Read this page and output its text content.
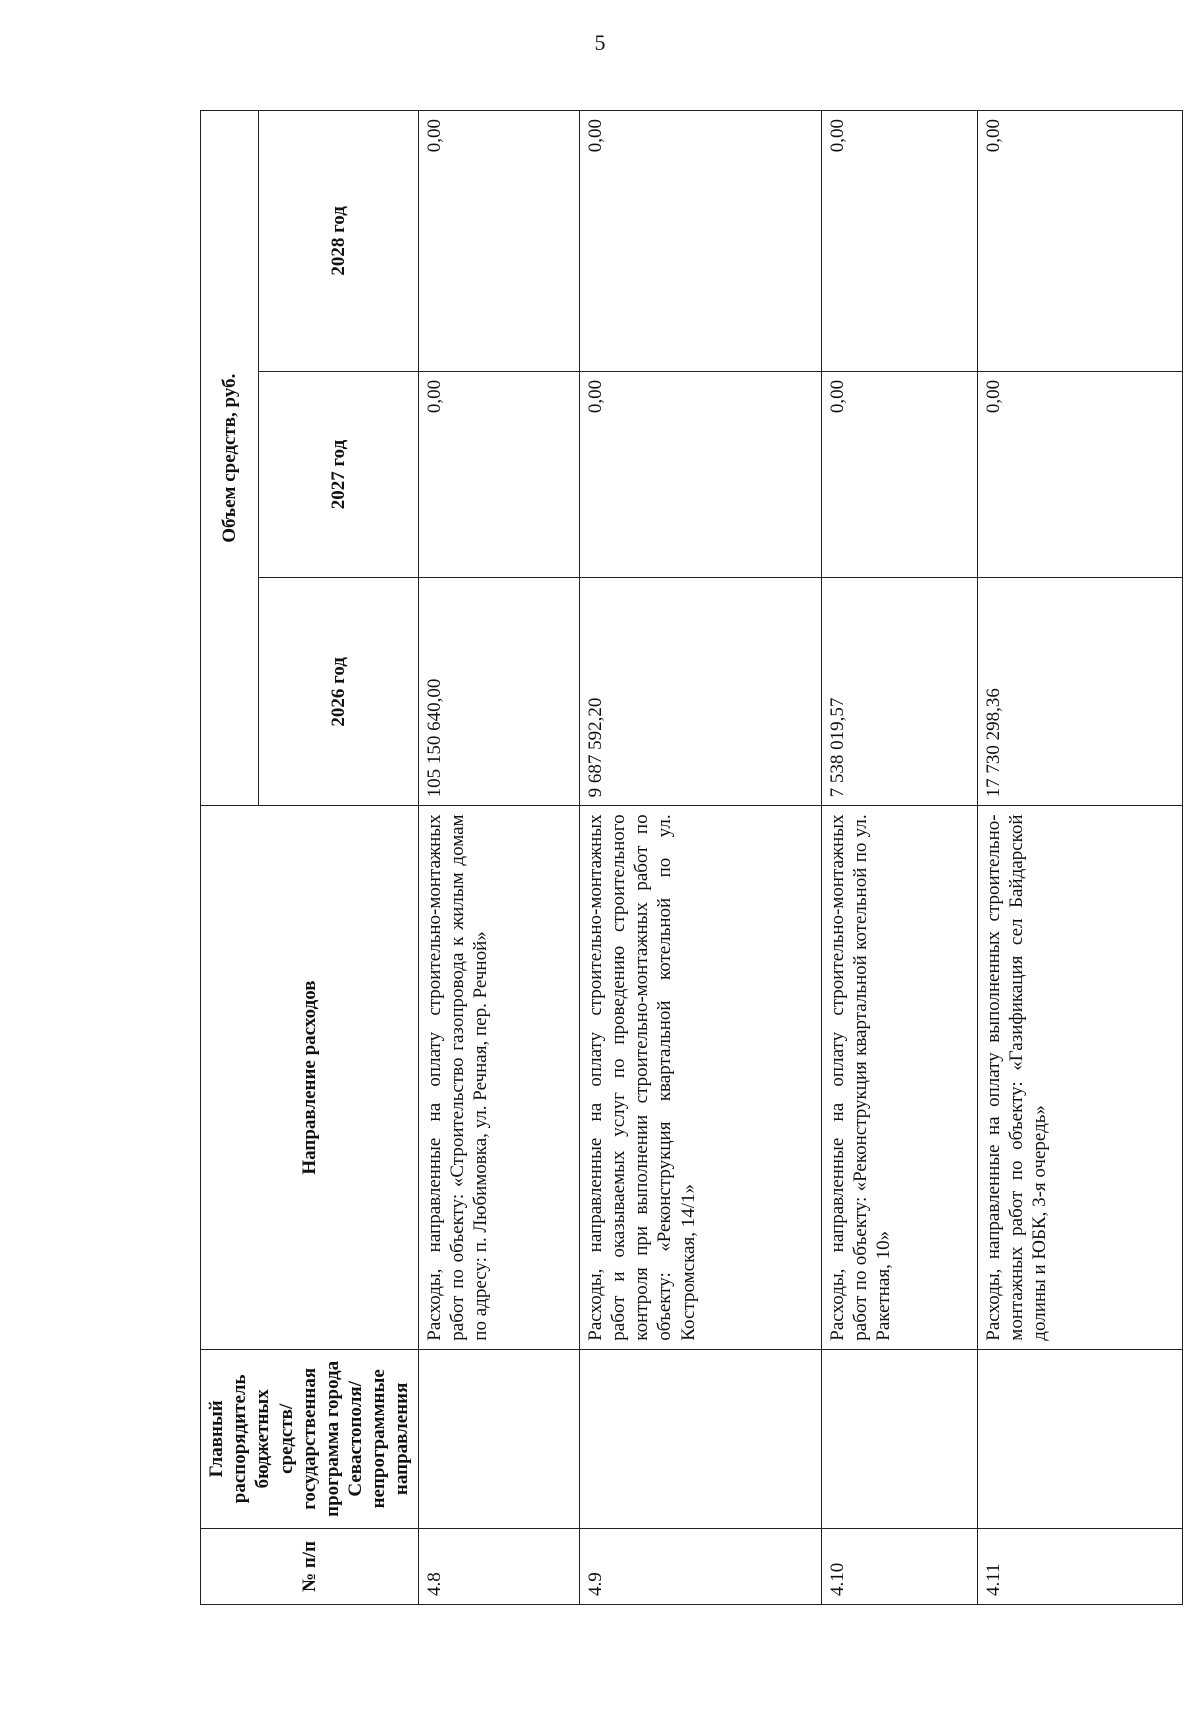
5
№ п/п	Главный распорядитель бюджетных средств/государственная программа города Севастополя/непрограммные направления	Направление расходов	Объем средств, руб.		
			2026 год	2027 год	2028 год
4.8		Расходы, направленные на оплату строительно-монтажных работ по объекту: «Строительство газопровода к жилым домам по адресу: п. Любимовка, ул. Речная, пер. Речной»	105 150 640,00	0,00	0,00
4.9		Расходы, направленные на оплату строительно-монтажных работ и оказываемых услуг по проведению строительного контроля при выполнении строительно-монтажных работ по объекту: «Реконструкция квартальной котельной по ул. Костромская, 14/1»	9 687 592,20	0,00	0,00
4.10		Расходы, направленные на оплату строительно-монтажных работ по объекту: «Реконструкция квартальной котельной по ул. Ракетная, 10»	7 538 019,57	0,00	0,00
4.11		Расходы, направленные на оплату выполненных строительно-монтажных работ по объекту: «Газификация сел Байдарской долины и ЮБК, 3-я очередь»	17 730 298,36	0,00	0,00
